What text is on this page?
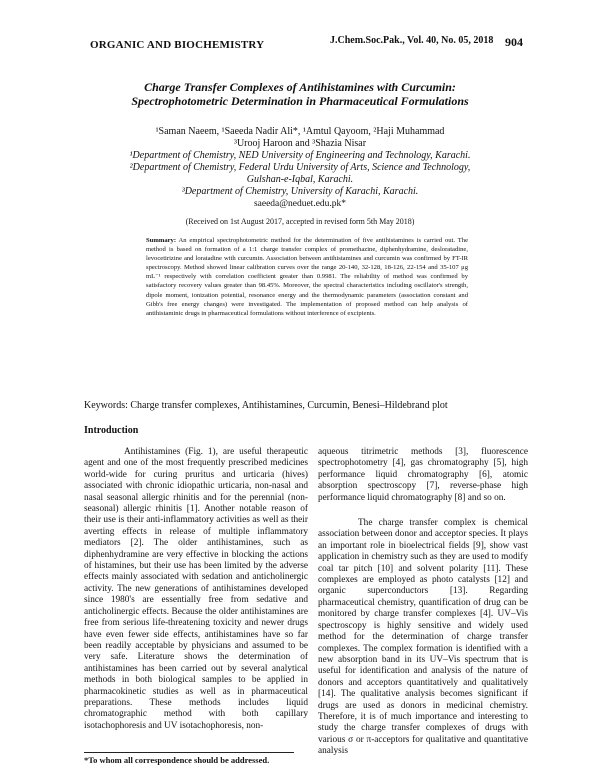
ORGANIC AND BIOCHEMISTRY	J.Chem.Soc.Pak., Vol. 40, No. 05, 2018 904
Charge Transfer Complexes of Antihistamines with Curcumin:
Spectrophotometric Determination in Pharmaceutical Formulations
¹Saman Naeem, ¹Saeeda Nadir Ali*, ¹Amtul Qayoom, ²Haji Muhammad
³Urooj Haroon and ³Shazia Nisar
¹Department of Chemistry, NED University of Engineering and Technology, Karachi.
²Department of Chemistry, Federal Urdu University of Arts, Science and Technology,
Gulshan-e-Iqbal, Karachi.
³Department of Chemistry, University of Karachi, Karachi.
saeeda@neduet.edu.pk*
(Received on 1st August 2017, accepted in revised form 5th May 2018)
Summary: An empirical spectrophotometric method for the determination of five antihistamines is carried out. The method is based on formation of a 1:1 charge transfer complex of promethazine, diphenhydramine, desloratadine, levocetirizine and loratadine with curcumin. Association between antihistamines and curcumin was confirmed by FT-IR spectroscopy. Method showed linear calibration curves over the range 20-140, 32-128, 18-126, 22-154 and 35-107 μg mL⁻¹ respectively with correlation coefficient greater than 0.9981. The reliability of method was confirmed by satisfactory recovery values greater than 98.45%. Moreover, the spectral characteristics including oscillator's strength, dipole moment, ionization potential, resonance energy and the thermodynamic parameters (association constant and Gibb's free energy changes) were investigated. The implementation of proposed method can help analysis of antihistaminic drugs in pharmaceutical formulations without interference of excipients.
Keywords: Charge transfer complexes, Antihistamines, Curcumin, Benesi–Hildebrand plot
Introduction

Antihistamines (Fig. 1), are useful therapeutic agent and one of the most frequently prescribed medicines world-wide for curing pruritus and urticaria (hives) associated with chronic idiopathic urticaria, non-nasal and nasal seasonal allergic rhinitis and for the perennial (non-seasonal) allergic rhinitis [1]. Another notable reason of their use is their anti-inflammatory activities as well as their averting effects in release of multiple inflammatory mediators [2]. The older antihistamines, such as diphenhydramine are very effective in blocking the actions of histamines, but their use has been limited by the adverse effects mainly associated with sedation and anticholinergic activity. The new generations of antihistamines developed since 1980's are essentially free from sedative and anticholinergic effects. Because the older antihistamines are free from serious life-threatening toxicity and newer drugs have even fewer side effects, antihistamines have so far been readily acceptable by physicians and assumed to be very safe. Literature shows the determination of antihistamines has been carried out by several analytical methods in both biological samples to be applied in pharmacokinetic studies as well as in pharmaceutical preparations. These methods includes liquid chromatographic method with both capillary isotachophoresis and UV isotachophoresis, non-

aqueous titrimetric methods [3], fluorescence spectrophotometry [4], gas chromatography [5], high performance liquid chromatography [6], atomic absorption spectroscopy [7], reverse-phase high performance liquid chromatography [8] and so on.

The charge transfer complex is chemical association between donor and acceptor species. It plays an important role in bioelectrical fields [9], show vast application in chemistry such as they are used to modify coal tar pitch [10] and solvent polarity [11]. These complexes are employed as photo catalysts [12] and organic superconductors [13]. Regarding pharmaceutical chemistry, quantification of drug can be monitored by charge transfer complexes [4]. UV–Vis spectroscopy is highly sensitive and widely used method for the determination of charge transfer complexes. The complex formation is identified with a new absorption band in its UV–Vis spectrum that is useful for identification and analysis of the nature of donors and acceptors quantitatively and qualitatively [14]. The qualitative analysis becomes significant if drugs are used as donors in medicinal chemistry. Therefore, it is of much importance and interesting to study the charge transfer complexes of drugs with various σ or π-acceptors for qualitative and quantitative analysis

*To whom all correspondence should be addressed.
